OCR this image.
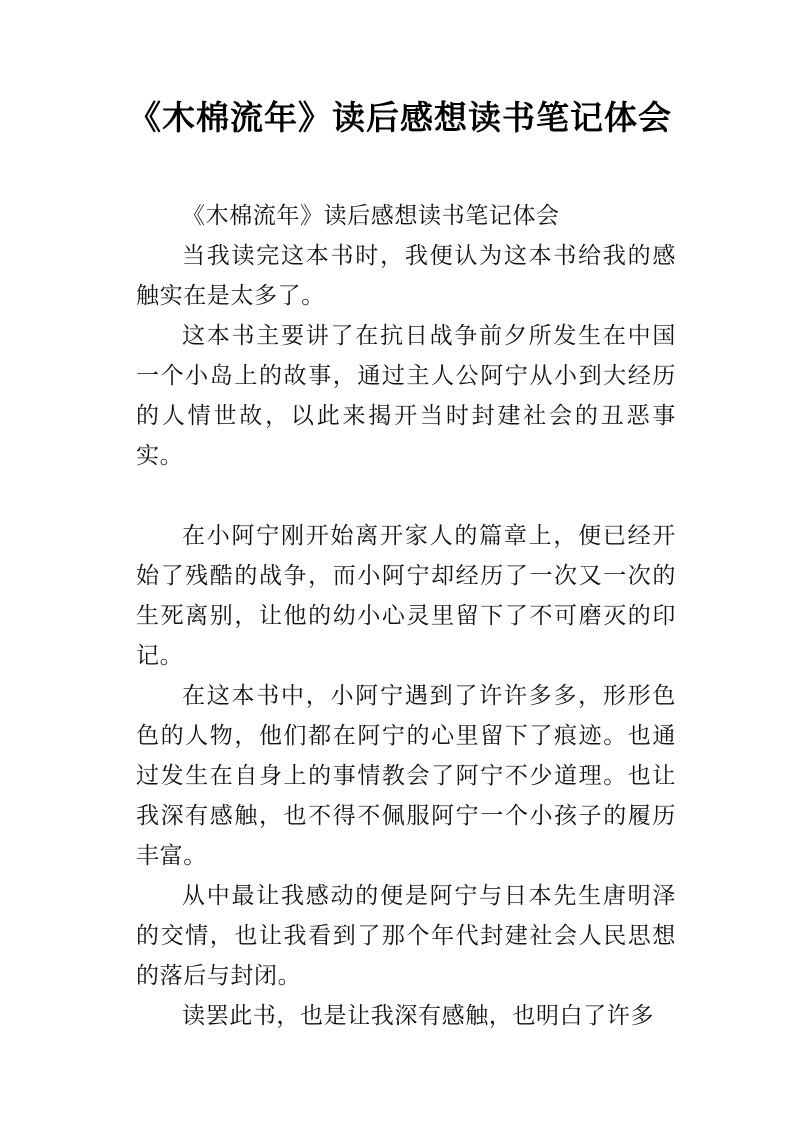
《木棉流年》读后感想读书笔记体会

《木棉流年》读后感想读书笔记体会

当我读完这本书时，我便认为这本书给我的感触实在是太多了。

这本书主要讲了在抗日战争前夕所发生在中国一个小岛上的故事，通过主人公阿宁从小到大经历的人情世故，以此来揭开当时封建社会的丑恶事实。

在小阿宁刚开始离开家人的篇章上，便已经开始了残酷的战争，而小阿宁却经历了一次又一次的生死离别，让他的幼小心灵里留下了不可磨灭的印记。

在这本书中，小阿宁遇到了许许多多，形形色色的人物，他们都在阿宁的心里留下了痕迹。也通过发生在自身上的事情教会了阿宁不少道理。也让我深有感触，也不得不佩服阿宁一个小孩子的履历丰富。

从中最让我感动的便是阿宁与日本先生唐明泽的交情，也让我看到了那个年代封建社会人民思想的落后与封闭。

读罢此书，也是让我深有感触，也明白了许多
